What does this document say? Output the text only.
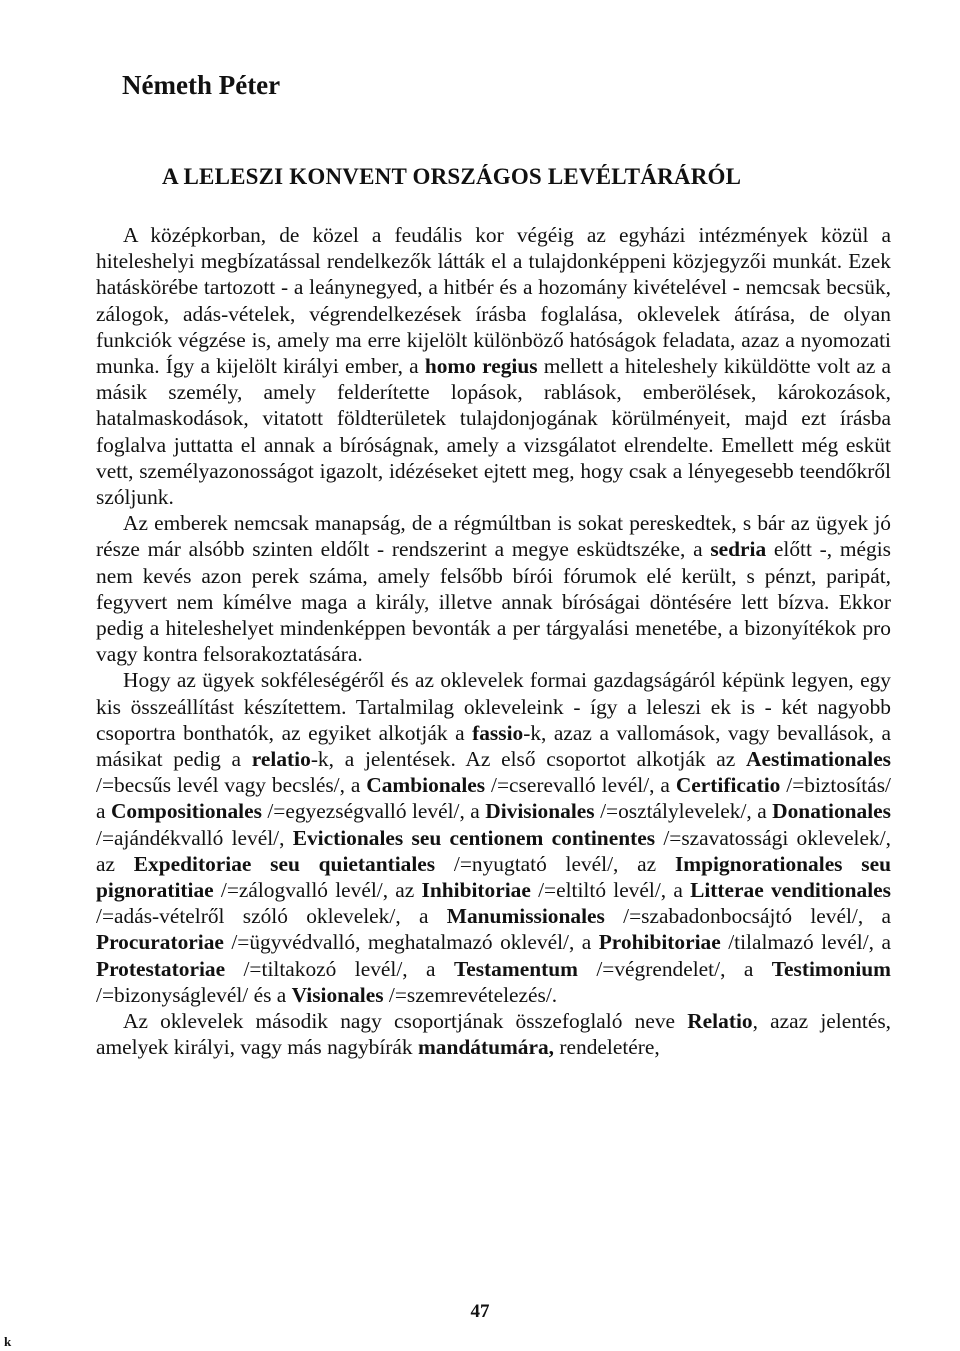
Németh Péter
A LELESZI KONVENT ORSZÁGOS LEVÉLTÁRÁRÓL

A középkorban, de közel a feudális kor végéig az egyházi intézmények közül a hiteleshelyi megbízatással rendelkezők látták el a tulajdonképpeni közjegyzői munkát. Ezek hatáskörébe tartozott - a leánynegyed, a hitbér és a hozomány kivételével - nemcsak becsük, zálogok, adás-vételek, végrendelkezések írásba foglalása, oklevelek átírása, de olyan funkciók végzése is, amely ma erre kijelölt különböző hatóságok feladata, azaz a nyomozati munka. Így a kijelölt királyi ember, a homo regius mellett a hiteleshely kiküldötte volt az a másik személy, amely felderítette lopások, rablások, emberölések, károkozások, hatalmaskodások, vitatott földterületek tulajdonjogának körülményeit, majd ezt írásba foglalva juttatta el annak a bíróságnak, amely a vizsgálatot elrendelte. Emellett még esküt vett, személyazonosságot igazolt, idézéseket ejtett meg, hogy csak a lényegesebb teendőkről szóljunk.

Az emberek nemcsak manapság, de a régmúltban is sokat pereskedtek, s bár az ügyek jó része már alsóbb szinten eldőlt - rendszerint a megye esküdtszéke, a sedria előtt -, mégis nem kevés azon perek száma, amely felsőbb bírói fórumok elé került, s pénzt, paripát, fegyvert nem kímélve maga a király, illetve annak bíróságai döntésére lett bízva. Ekkor pedig a hiteleshelyet mindenképpen bevonták a per tárgyalási menetébe, a bizonyítékok pro vagy kontra felsorakoztatására.

Hogy az ügyek sokféleségéről és az oklevelek formai gazdagságáról képünk legyen, egy kis összeállítást készítettem. Tartalmilag okleveleink - így a leleszi ek is - két nagyobb csoportra bonthatók, az egyiket alkotják a fassio-k, azaz a vallomások, vagy bevallások, a másikat pedig a relatio-k, a jelentések. Az első csoportot alkotják az Aestimationales /=becsűs levél vagy becslés/, a Cambionales /=cserevalló levél/, a Certificatio /=biztosítás/ a Compositionales /=egyezségvalló levél/, a Divisionales /=osztálylevelek/, a Donationales /=ajándékvalló levél/, Evictionales seu centionem continentes /=szavatossági oklevelek/, az Expeditoriae seu quietantiales /=nyugtató levél/, az Impignorationales seu pignoratitiae /=zálogvalló levél/, az Inhibitoriae /=eltiltó levél/, a Litterae venditionales /=adás-vételről szóló oklevelek/, a Manumissionales /=szabadonbocsájtó levél/, a Procuratoriae /=ügyvédvalló, meghatalmazó oklevél/, a Prohibitoriae /tilalmazó levél/, a Protestatoriae /=tiltakozó levél/, a Testamentum /=végrendelet/, a Testimonium /=bizonyságlevél/ és a Visionales /=szemrevételezés/.

Az oklevelek második nagy csoportjának összefoglaló neve Relatio, azaz jelentés, amelyek királyi, vagy más nagybírák mandátumára, rendeletére,

47
k
